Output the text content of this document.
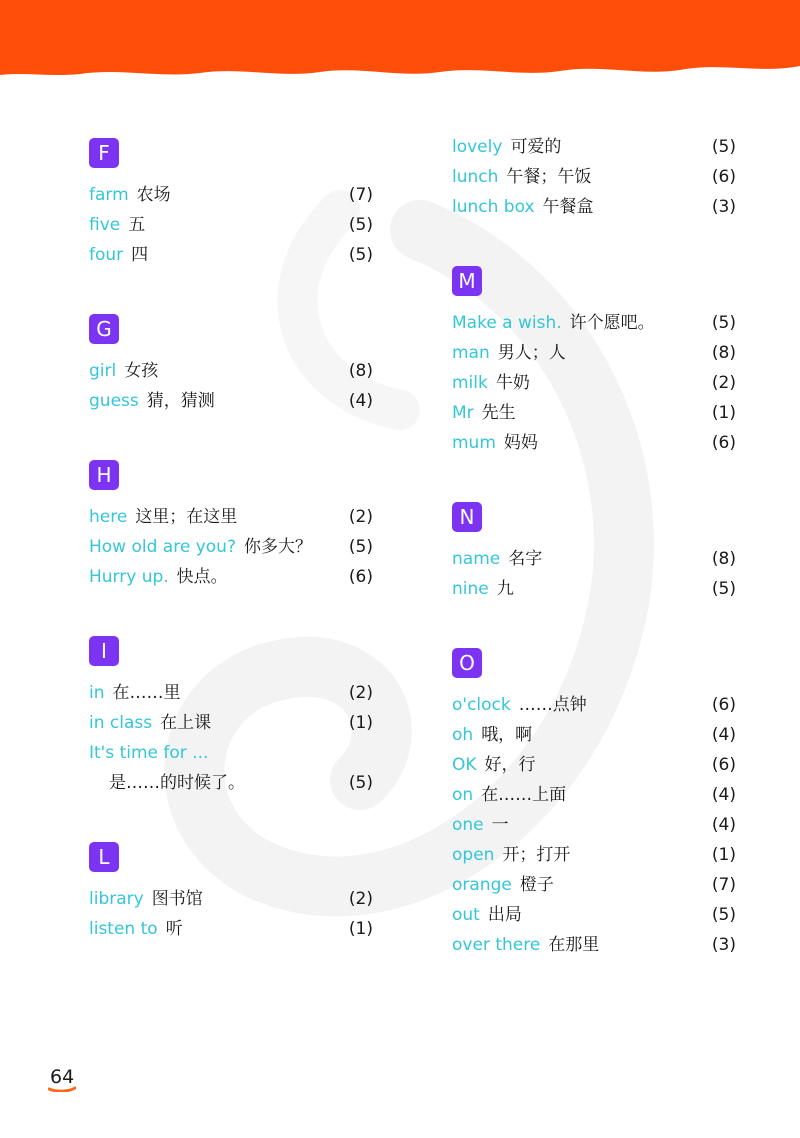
F
farm 农场	(7)
five 五	(5)
four 四	(5)
G
girl 女孩	(8)
guess 猜，猜测	(4)
H
here 这里；在这里	(2)
How old are you? 你多大？ (5)
Hurry up. 快点。	(6)
I
in 在……里	(2)
in class 在上课	(1)
It's time for ...
是……的时候了。	(5)
L
library 图书馆	(2)
listen to 听	(1)
lovely 可爱的	(5)
lunch 午餐；午饭	(6)
lunch box 午餐盒	(3)
M
Make a wish. 许个愿吧。	(5)
man 男人；人	(8)
milk 牛奶	(2)
Mr 先生	(1)
mum 妈妈	(6)
N
name 名字	(8)
nine 九	(5)
O
o'clock ……点钟	(6)
oh 哦，啊	(4)
OK 好，行	(6)
on 在……上面	(4)
one 一	(4)
open 开；打开	(1)
orange 橙子	(7)
out 出局	(5)
over there 在那里	(3)
64
